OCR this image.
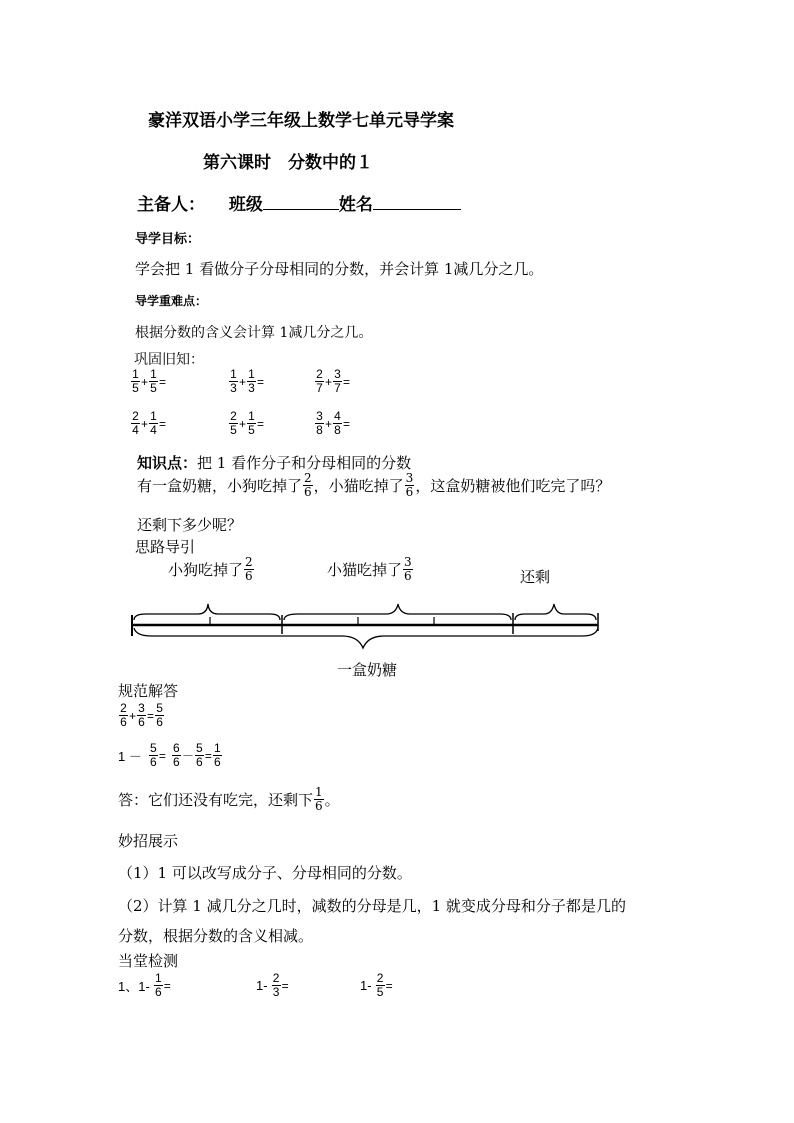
豪洋双语小学三年级上数学七单元导学案
第六课时　分数中的１
主备人： 班级	姓名
导学目标：
学会把 1 看做分子分母相同的分数，并会计算 1减几分之几。
导学重难点：
根据分数的含义会计算 1减几分之几。
巩固旧知：
$\frac{1}{5} + \frac{1}{5}$ =	$\frac{1}{3} + \frac{1}{3}$ =	$\frac{2}{7} + \frac{3}{7}$ =
$\frac{2}{4} + \frac{1}{4}$ =	$\frac{2}{5} + \frac{1}{5}$ =	$\frac{3}{8} + \frac{4}{8}$ =
知识点：把 1 看作分子和分母相同的分数
有一盒奶糖，小狗吃掉了 $\frac{2}{6}$ ，小猫吃掉了 $\frac{3}{6}$ ，这盒奶糖被他们吃完了吗？
还剩下多少呢？
思路导引
小狗吃掉了 $\frac{2}{6}$	小猫吃掉了 $\frac{3}{6}$	还剩
一盒奶糖
规范解答
$\frac{2}{6} + \frac{3}{6} = \frac{5}{6}$
$1 - \frac{5}{6} = \frac{6}{6} - \frac{5}{6} = \frac{1}{6}$
答：它们还没有吃完，还剩下 $\frac{1}{6}$ 。
妙招展示
（1）1 可以改写成分子、分母相同的分数。
（2）计算 1 减几分之几时，减数的分母是几，1 就变成分母和分子都是几的
分数，根据分数的含义相减。
当堂检测
1、$1- \frac{1}{6}$ =	$1- \frac{2}{3}$ =	$1- \frac{2}{5}$ =
